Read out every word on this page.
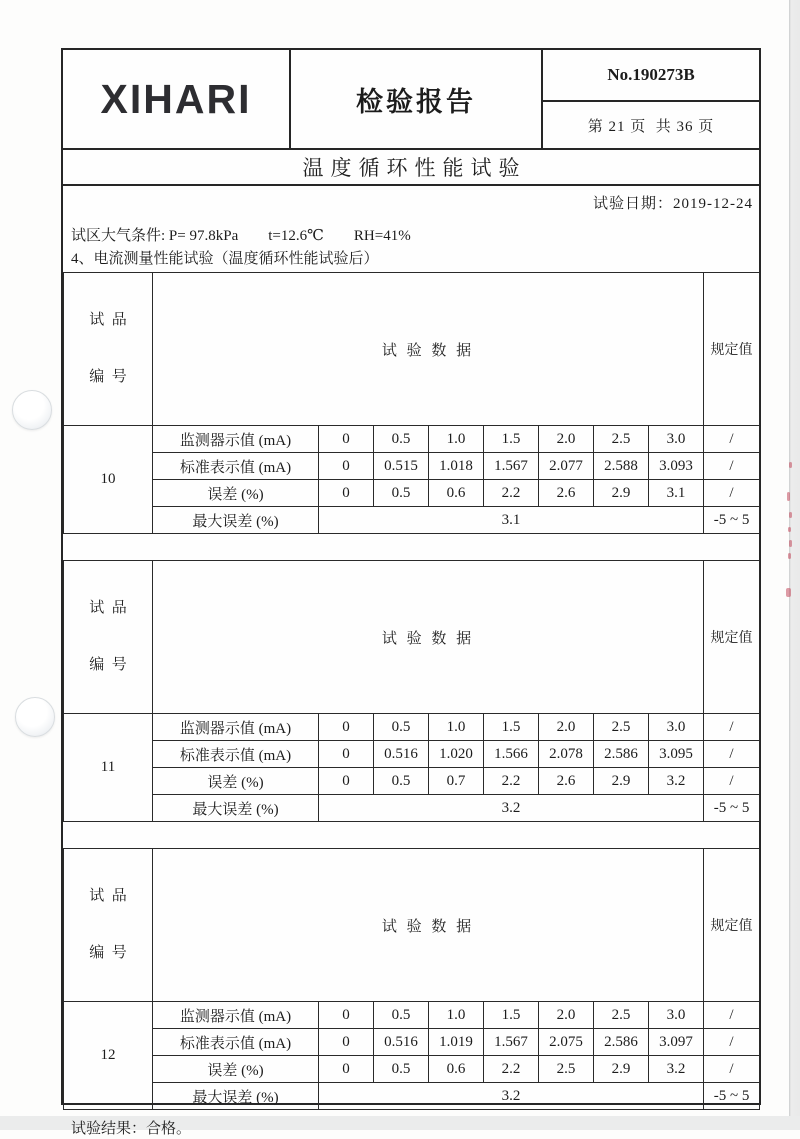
XIHARI	检验报告
No.190273B
第 21 页  共 36 页
温度循环性能试验
试验日期：2019-12-24
试区大气条件: P= 97.8kPa t=12.6℃ RH=41%
4、电流测量性能试验（温度循环性能试验后）

试  品

编  号	试 验 数 据								规定值
10	监测器示值 (mA)	0	0.5	1.0	1.5	2.0	2.5	3.0	/
	标准表示值 (mA)	0	0.515	1.018	1.567	2.077	2.588	3.093	/
	误差 (%)	0	0.5	0.6	2.2	2.6	2.9	3.1	/
	最大误差 (%)	3.1							-5 ~ 5

试  品

编  号	试 验 数 据								规定值
11	监测器示值 (mA)	0	0.5	1.0	1.5	2.0	2.5	3.0	/
	标准表示值 (mA)	0	0.516	1.020	1.566	2.078	2.586	3.095	/
	误差 (%)	0	0.5	0.7	2.2	2.6	2.9	3.2	/
	最大误差 (%)	3.2							-5 ~ 5

试  品

编  号	试 验 数 据								规定值
12	监测器示值 (mA)	0	0.5	1.0	1.5	2.0	2.5	3.0	/
	标准表示值 (mA)	0	0.516	1.019	1.567	2.075	2.586	3.097	/
	误差 (%)	0	0.5	0.6	2.2	2.5	2.9	3.2	/
	最大误差 (%)	3.2							-5 ~ 5
试验结果：合格。
